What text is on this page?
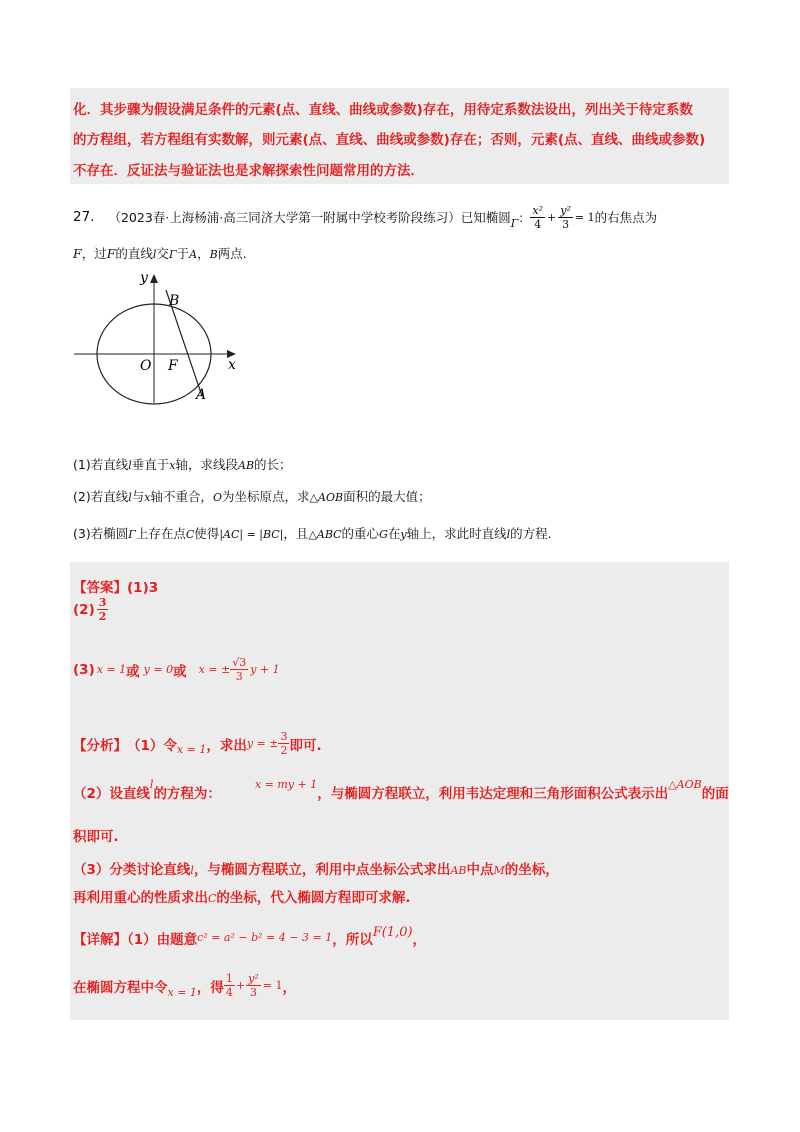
化．其步骤为假设满足条件的元素(点、直线、曲线或参数)存在，用待定系数法设出，列出关于待定系数
的方程组，若方程组有实数解，则元素(点、直线、曲线或参数)存在；否则，元素(点、直线、曲线或参数)
不存在．反证法与验证法也是求解探索性问题常用的方法．
27. （2023春·上海杨浦·高三同济大学第一附属中学校考阶段练习）已知椭圆 Γ ： $\frac{\text{x²}}{4} + \frac{\text{y²}}{3} = 1$ 的右焦点为
F，过F的直线l交Γ于A，B两点.
y
x
O F
B
A
(1)若直线l垂直于x轴，求线段AB的长；
(2)若直线l与x轴不重合，O为坐标原点，求△AOB面积的最大值；
(3)若椭圆Γ上存在点C使得|AC| = |BC|，且△ABC的重心G在y轴上，求此时直线l的方程.
【答案】(1)3
$(2) \frac{3}{2}$
(3) x = 1 或 y = 0 或 x = ± $\frac{√3}{3}$ y + 1
【分析】 （1）令 x = 1 ，求出 y = ± $\frac{3}{2}$ 即可.
（2）设直线$^l$的方程为：$^{x = my + 1}$，与椭圆方程联立，利用韦达定理和三角形面积公式表示出$^{\triangle AOB}$的面
积即可.
（3）分类讨论直线l，与椭圆方程联立，利用中点坐标公式求出AB中点M的坐标，
再利用重心的性质求出C的坐标，代入椭圆方程即可求解.
【详解】（1）由题意$^{c^2 = a^2 - b^2 = 4 - 3 = 1}$，所以F(1,0)，
在椭圆方程中令 x = 1 ，得 $\frac{1}{4} + \frac{\text{y²}}{3} = 1$ ，
